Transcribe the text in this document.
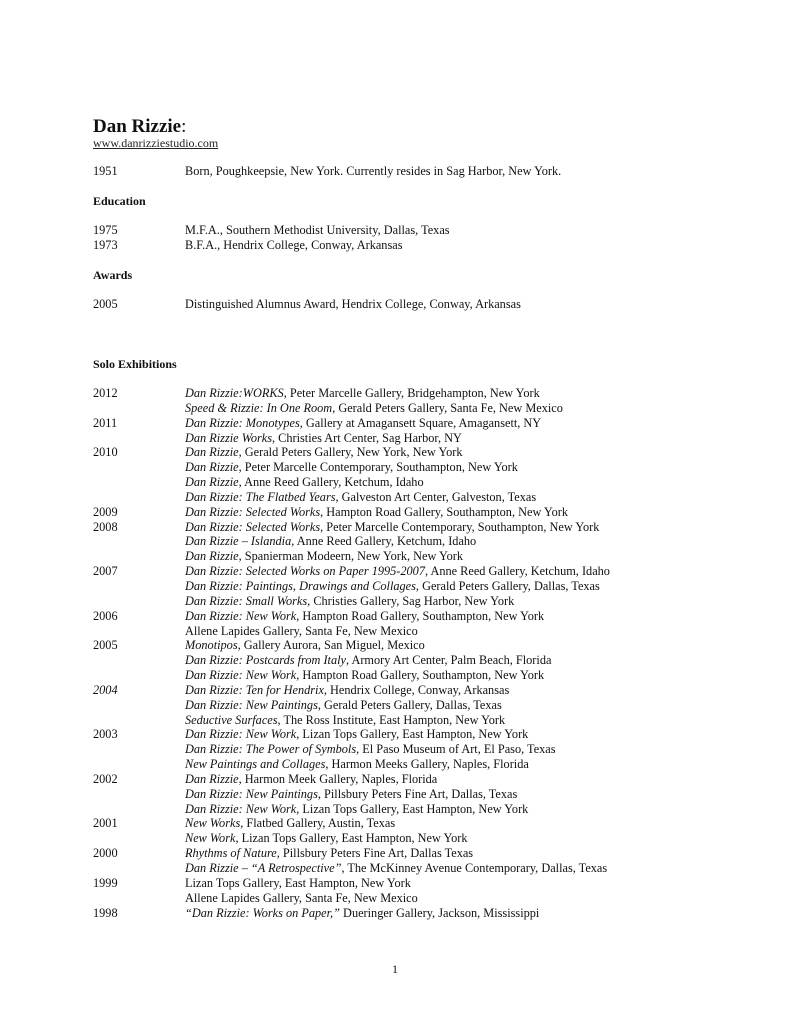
Dan Rizzie:
www.danrizziestudio.com
1951	Born, Poughkeepsie, New York. Currently resides in Sag Harbor, New York.
Education
1975	M.F.A., Southern Methodist University, Dallas, Texas
1973	B.F.A., Hendrix College, Conway, Arkansas
Awards
2005	Distinguished Alumnus Award, Hendrix College, Conway, Arkansas
Solo Exhibitions
2012	Dan Rizzie:WORKS, Peter Marcelle Gallery, Bridgehampton, New York
Speed & Rizzie: In One Room, Gerald Peters Gallery, Santa Fe, New Mexico
2011	Dan Rizzie: Monotypes, Gallery at Amagansett Square, Amagansett, NY
Dan Rizzie Works, Christies Art Center, Sag Harbor, NY
2010	Dan Rizzie, Gerald Peters Gallery, New York, New York
Dan Rizzie, Peter Marcelle Contemporary, Southampton, New York
Dan Rizzie, Anne Reed Gallery, Ketchum, Idaho
Dan Rizzie: The Flatbed Years, Galveston Art Center, Galveston, Texas
2009	Dan Rizzie: Selected Works, Hampton Road Gallery, Southampton, New York
2008	Dan Rizzie: Selected Works, Peter Marcelle Contemporary, Southampton, New York
Dan Rizzie – Islandia, Anne Reed Gallery, Ketchum, Idaho
Dan Rizzie, Spanierman Modeern, New York, New York
2007	Dan Rizzie: Selected Works on Paper 1995-2007, Anne Reed Gallery, Ketchum, Idaho
Dan Rizzie: Paintings, Drawings and Collages, Gerald Peters Gallery, Dallas, Texas
Dan Rizzie: Small Works, Christies Gallery, Sag Harbor, New York
2006	Dan Rizzie: New Work, Hampton Road Gallery, Southampton, New York
Allene Lapides Gallery, Santa Fe, New Mexico
2005	Monotipos, Gallery Aurora, San Miguel, Mexico
Dan Rizzie: Postcards from Italy, Armory Art Center, Palm Beach, Florida
Dan Rizzie: New Work, Hampton Road Gallery, Southampton, New York
2004	Dan Rizzie: Ten for Hendrix, Hendrix College, Conway, Arkansas
Dan Rizzie: New Paintings, Gerald Peters Gallery, Dallas, Texas
Seductive Surfaces, The Ross Institute, East Hampton, New York
2003	Dan Rizzie: New Work, Lizan Tops Gallery, East Hampton, New York
Dan Rizzie: The Power of Symbols, El Paso Museum of Art, El Paso, Texas
New Paintings and Collages, Harmon Meeks Gallery, Naples, Florida
2002	Dan Rizzie, Harmon Meek Gallery, Naples, Florida
Dan Rizzie: New Paintings, Pillsbury Peters Fine Art, Dallas, Texas
Dan Rizzie: New Work, Lizan Tops Gallery, East Hampton, New York
2001	New Works, Flatbed Gallery, Austin, Texas
New Work, Lizan Tops Gallery, East Hampton, New York
2000	Rhythms of Nature, Pillsbury Peters Fine Art, Dallas Texas
Dan Rizzie – “A Retrospective”, The McKinney Avenue Contemporary, Dallas, Texas
1999	Lizan Tops Gallery, East Hampton, New York
Allene Lapides Gallery, Santa Fe, New Mexico
1998	“Dan Rizzie: Works on Paper,” Dueringer Gallery, Jackson, Mississippi
1
